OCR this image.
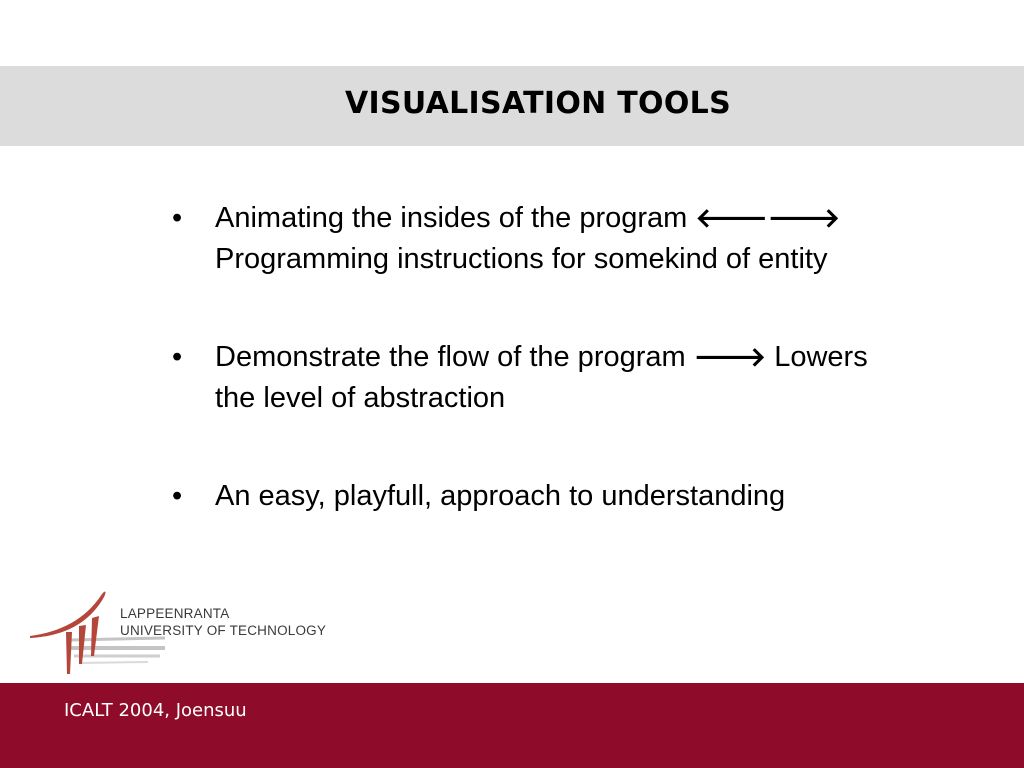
VISUALISATION TOOLS
• Animating the insides of the program 🡐🡒
Programming instructions for somekind of entity
• Demonstrate the flow of the program 🡒 Lowers
the level of abstraction
• An easy, playfull, approach to understanding
LAPPEENRANTA
UNIVERSITY OF TECHNOLOGY
ICALT 2004, Joensuu
